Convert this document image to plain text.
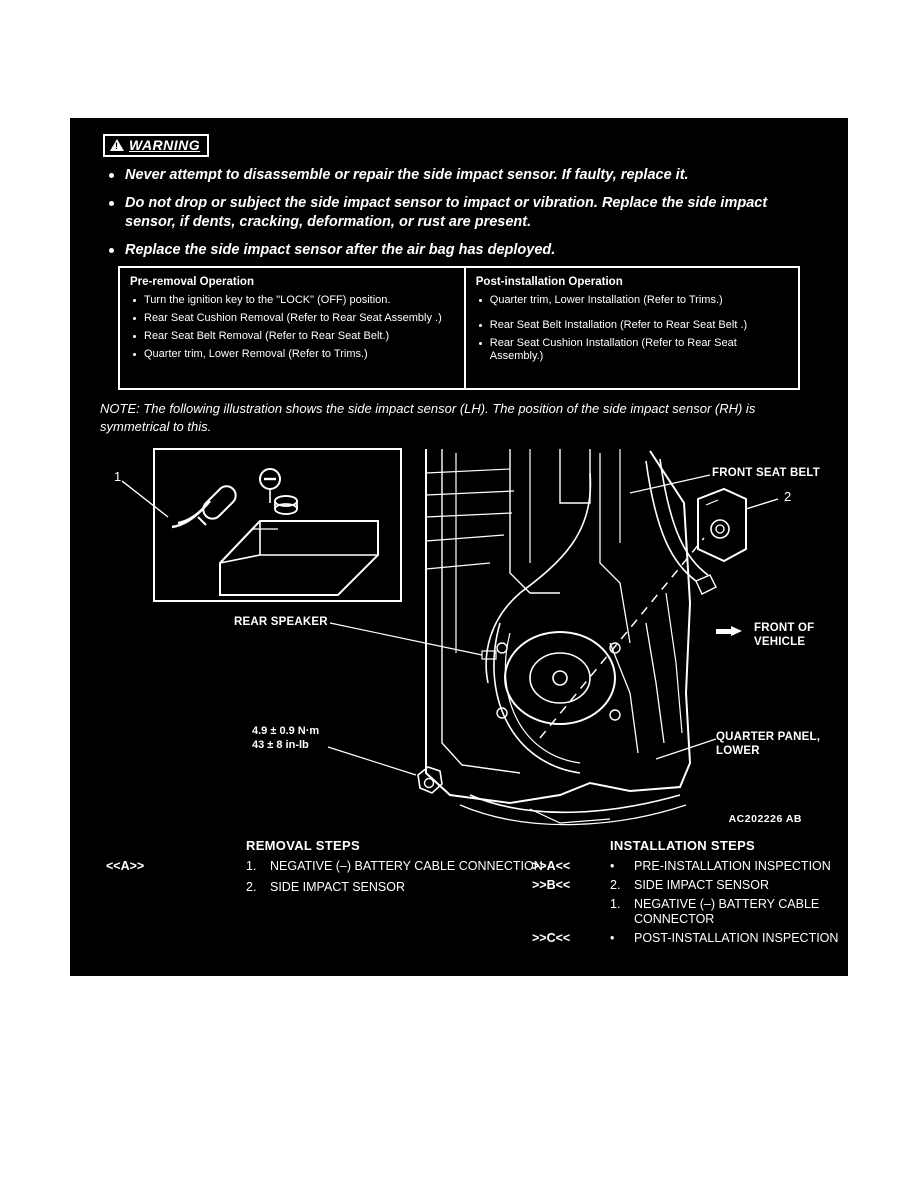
!
WARNING
Never attempt to disassemble or repair the side impact sensor. If faulty, replace it.
Do not drop or subject the side impact sensor to impact or vibration. Replace the side impact sensor, if dents, cracking, deformation, or rust are present.
Replace the side impact sensor after the air bag has deployed.
Pre-removal Operation
Turn the ignition key to the "LOCK" (OFF) position.
Rear Seat Cushion Removal (Refer to Rear Seat Assembly .)
Rear Seat Belt Removal (Refer to Rear Seat Belt.)
Quarter trim, Lower Removal (Refer to Trims.)
Post-installation Operation
Quarter trim, Lower Installation (Refer to Trims.)
Rear Seat Belt Installation (Refer to Rear Seat Belt .)
Rear Seat Cushion Installation (Refer to Rear Seat Assembly.)
NOTE: The following illustration shows the side impact sensor (LH). The position of the side impact sensor (RH) is symmetrical to this.
1
2
FRONT SEAT BELT
REAR SPEAKER	FRONT OF
VEHICLE
QUARTER PANEL,
LOWER
4.9 ± 0.9 N·m
43 ± 8 in-lb
AC202226 AB
REMOVAL STEPS
<<A>>	1.	NEGATIVE (–) BATTERY CABLE CONNECTION
2.	SIDE IMPACT SENSOR
INSTALLATION STEPS
>>A<<	•	PRE-INSTALLATION INSPECTION
>>B<<	2.	SIDE IMPACT SENSOR
1.	NEGATIVE (–) BATTERY CABLE CONNECTOR
>>C<<	•	POST-INSTALLATION INSPECTION
